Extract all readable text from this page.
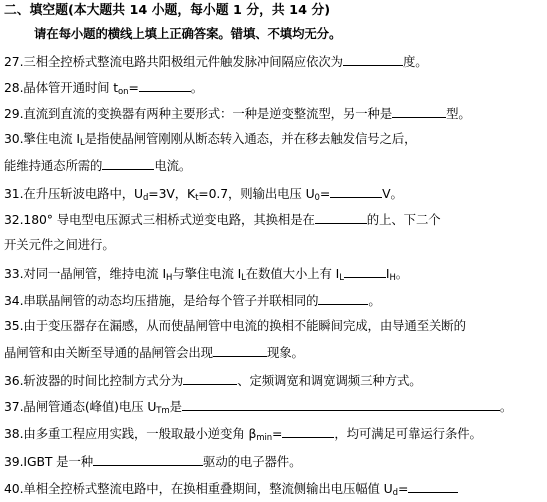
二、填空题(本大题共 14 小题，每小题 1 分，共 14 分)
请在每小题的横线上填上正确答案。错填、不填均无分。
27.三相全控桥式整流电路共阳极组元件触发脉冲间隔应依次为	度。
28.晶体管开通时间 $t_{on}=$	。
29.直流到直流的变换器有两种主要形式：一种是逆变整流型，另一种是	型。
30.擎住电流 $I_L$是指使晶闸管刚刚从断态转入通态，并在移去触发信号之后，
能维持通态所需的	电流。
31.在升压斩波电路中，$U_d=3V$，$K_t=0.7$，则输出电压 $U_0=$	V。
32.180° 导电型电压源式三相桥式逆变电路，其换相是在	的上、下二个
开关元件之间进行。
33.对同一晶闸管，维持电流 $I_H$与擎住电流 $I_L$在数值大小上有 $I_L$	$I_H$。
34.串联晶闸管的动态均压措施，是给每个管子并联相同的	。
35.由于变压器存在漏感，从而使晶闸管中电流的换相不能瞬间完成，由导通至关断的
晶闸管和由关断至导通的晶闸管会出现	现象。
36.斩波器的时间比控制方式分为	、定频调宽和调宽调频三种方式。
37.晶闸管通态(峰值)电压 $U_{Tm}$是	。
38.由多重工程应用实践，一般取最小逆变角 $\beta_{min}=$	，均可满足可靠运行条件。
39.IGBT 是一种	驱动的电子器件。
40.单相全控桥式整流电路中，在换相重叠期间，整流侧输出电压幅值 $U_d=$
